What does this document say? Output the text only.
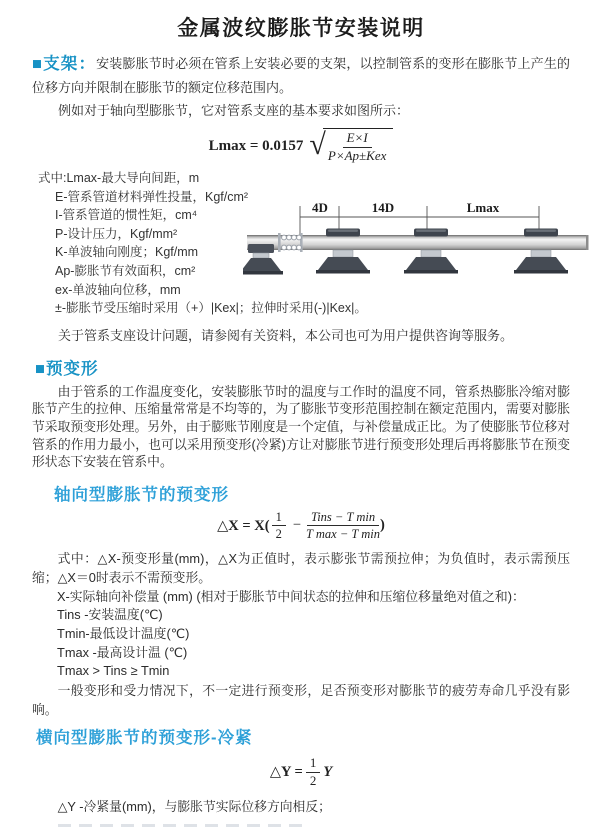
金属波纹膨胀节安装说明

■支架：安装膨胀节时必须在管系上安装必要的支架，以控制管系的变形在膨胀节上产生的位移方向并限制在膨胀节的额定位移范围内。

例如对于轴向型膨胀节，它对管系支座的基本要求如图所示：

Lmax = 0.0157 √ $\frac{E\times I}{\text{P×Ap±Kex}}$
式中:Lmax-最大导向间距，m
E-管系管道材料弹性投量，Kgf/cm²
I-管系管道的惯性矩，cm⁴
P-设计压力，Kgf/mm²
K-单波轴向刚度；Kgf/mm
Ap-膨胀节有效面积，cm²
ex-单波轴向位移，mm
±-膨胀节受压缩时采用（+）|Kex|；拉伸时采用(-)|Kex|。
4D	14D	Lmax

关于管系支座设计问题，请参阅有关资料，本公司也可为用户提供咨询等服务。

■预变形

由于管系的工作温度变化，安装膨胀节时的温度与工作时的温度不同，管系热膨胀冷缩对膨胀节产生的拉伸、压缩量常常是不均等的，为了膨胀节变形范围控制在额定范围内，需要对膨胀节采取预变形处理。另外，由于膨账节刚度是一个定值，与补偿量成正比。为了使膨胀节位移对管系的作用力最小，也可以采用预变形(冷紧)方让对膨胀节进行预变形处理后再将膨胀节在预变形状态下安装在管系中。

轴向型膨胀节的预变形
△X = $X( \frac{1}{2} - \frac{\text{Tins − T min}}{\text{T max − T min}}$ )

式中：△X-预变形量(mm)，△X为正值时，表示膨张节需预拉伸；为负值时，表示需预压缩；△X＝0时表示不需预变形。

X-实际轴向补偿量 (mm) (相对于膨胀节中间状态的拉伸和压缩位移量绝对值之和)：
Tins -安装温度(℃)
Tmin-最低设计温度(℃)
Tmax -最高设计温 (℃)
Tmax > Tins ≥ Tmin

一般变形和受力情况下，不一定进行预变形，足否预变形对膨胀节的疲劳寿命几乎没有影响。

横向型膨胀节的预变形-冷紧
△Y = $\frac{1}{2}$ Y

△Y -冷紧量(mm)，与膨胀节实际位移方向相反；
